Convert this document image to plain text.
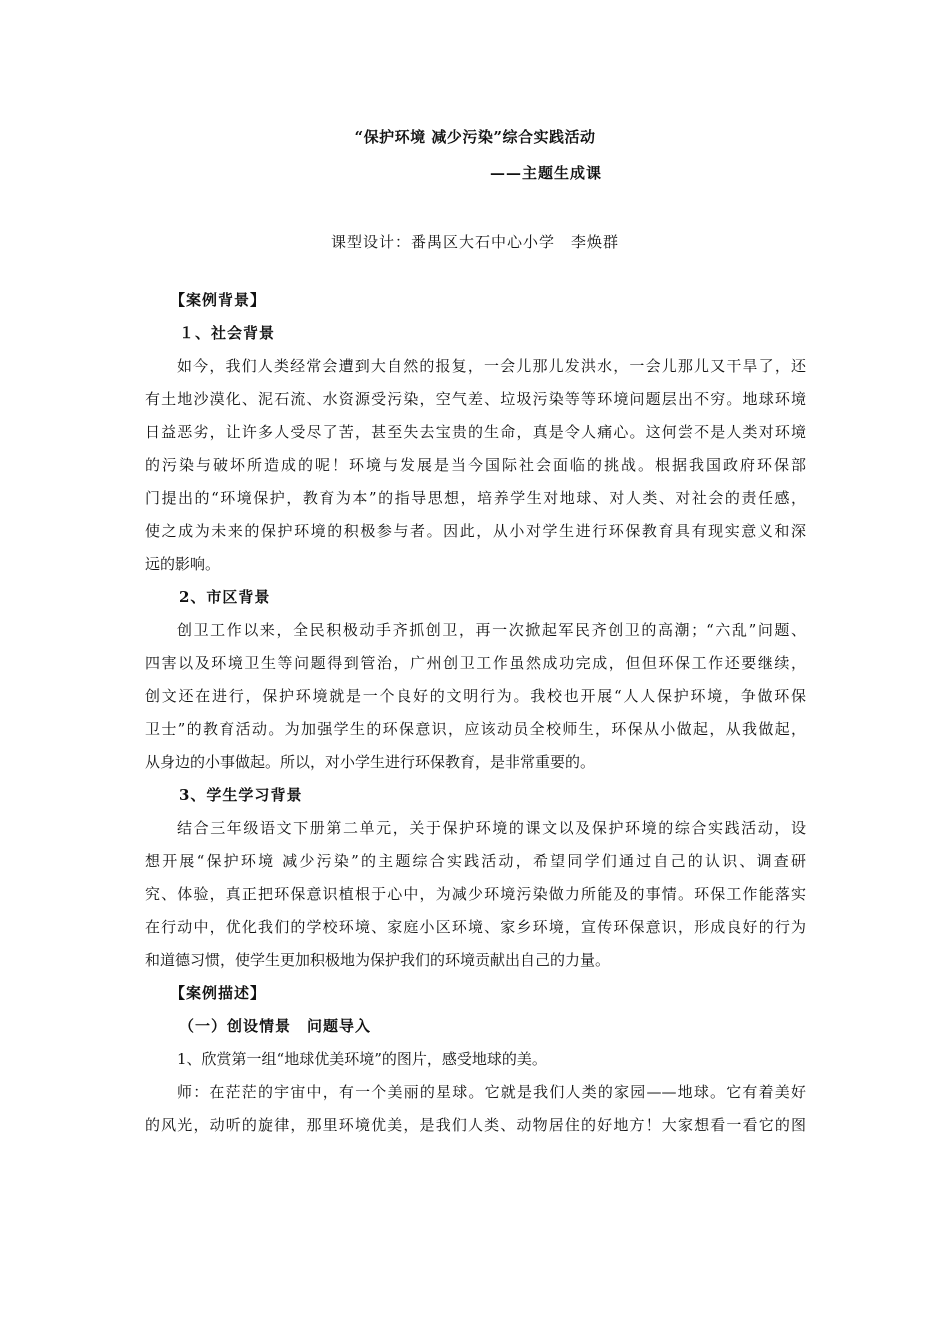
“保护环境 减少污染”综合实践活动
——主题生成课
课型设计：番禺区大石中心小学　李焕群
【案例背景】
１、社会背景
如今，我们人类经常会遭到大自然的报复，一会儿那儿发洪水，一会儿那儿又干旱了，还
有土地沙漠化、泥石流、水资源受污染，空气差、垃圾污染等等环境问题层出不穷。地球环境
日益恶劣，让许多人受尽了苦，甚至失去宝贵的生命，真是令人痛心。这何尝不是人类对环境
的污染与破坏所造成的呢！环境与发展是当今国际社会面临的挑战。根据我国政府环保部
门提出的“环境保护，教育为本”的指导思想，培养学生对地球、对人类、对社会的责任感，
使之成为未来的保护环境的积极参与者。因此，从小对学生进行环保教育具有现实意义和深
远的影响。
2、市区背景
创卫工作以来，全民积极动手齐抓创卫，再一次掀起军民齐创卫的高潮；“六乱”问题、
四害以及环境卫生等问题得到管治，广州创卫工作虽然成功完成，但但环保工作还要继续，
创文还在进行，保护环境就是一个良好的文明行为。我校也开展“人人保护环境，争做环保
卫士”的教育活动。为加强学生的环保意识，应该动员全校师生，环保从小做起，从我做起，
从身边的小事做起。所以，对小学生进行环保教育，是非常重要的。
3、学生学习背景
结合三年级语文下册第二单元，关于保护环境的课文以及保护环境的综合实践活动，设
想开展“保护环境 减少污染”的主题综合实践活动，希望同学们通过自己的认识、调查研
究、体验，真正把环保意识植根于心中，为减少环境污染做力所能及的事情。环保工作能落实
在行动中，优化我们的学校环境、家庭小区环境、家乡环境，宣传环保意识，形成良好的行为
和道德习惯，使学生更加积极地为保护我们的环境贡献出自己的力量。
【案例描述】
（一）创设情景　问题导入
1、欣赏第一组“地球优美环境”的图片，感受地球的美。
师：在茫茫的宇宙中，有一个美丽的星球。它就是我们人类的家园——地球。它有着美好
的风光，动听的旋律，那里环境优美，是我们人类、动物居住的好地方！大家想看一看它的图
